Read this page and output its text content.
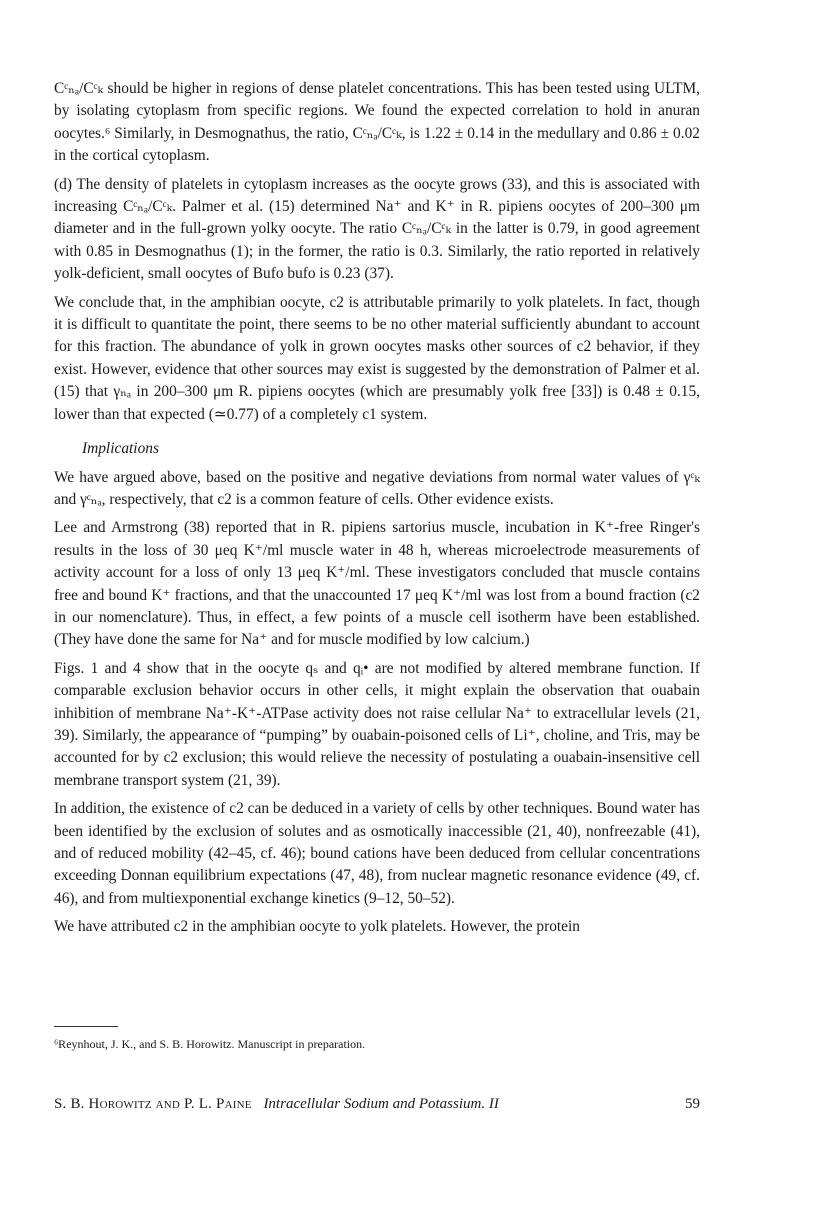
Cᶜₙₐ/Cᶜₖ should be higher in regions of dense platelet concentrations. This has been tested using ULTM, by isolating cytoplasm from specific regions. We found the expected correlation to hold in anuran oocytes.⁶ Similarly, in Desmognathus, the ratio, Cᶜₙₐ/Cᶜₖ, is 1.22 ± 0.14 in the medullary and 0.86 ± 0.02 in the cortical cytoplasm.

(d) The density of platelets in cytoplasm increases as the oocyte grows (33), and this is associated with increasing Cᶜₙₐ/Cᶜₖ. Palmer et al. (15) determined Na⁺ and K⁺ in R. pipiens oocytes of 200–300 μm diameter and in the full-grown yolky oocyte. The ratio Cᶜₙₐ/Cᶜₖ in the latter is 0.79, in good agreement with 0.85 in Desmognathus (1); in the former, the ratio is 0.3. Similarly, the ratio reported in relatively yolk-deficient, small oocytes of Bufo bufo is 0.23 (37).

We conclude that, in the amphibian oocyte, c2 is attributable primarily to yolk platelets. In fact, though it is difficult to quantitate the point, there seems to be no other material sufficiently abundant to account for this fraction. The abundance of yolk in grown oocytes masks other sources of c2 behavior, if they exist. However, evidence that other sources may exist is suggested by the demonstration of Palmer et al. (15) that γₙₐ in 200–300 μm R. pipiens oocytes (which are presumably yolk free [33]) is 0.48 ± 0.15, lower than that expected (≃0.77) of a completely c1 system.

Implications

We have argued above, based on the positive and negative deviations from normal water values of γᶜₖ and γᶜₙₐ, respectively, that c2 is a common feature of cells. Other evidence exists.

Lee and Armstrong (38) reported that in R. pipiens sartorius muscle, incubation in K⁺-free Ringer's results in the loss of 30 μeq K⁺/ml muscle water in 48 h, whereas microelectrode measurements of activity account for a loss of only 13 μeq K⁺/ml. These investigators concluded that muscle contains free and bound K⁺ fractions, and that the unaccounted 17 μeq K⁺/ml was lost from a bound fraction (c2 in our nomenclature). Thus, in effect, a few points of a muscle cell isotherm have been established. (They have done the same for Na⁺ and for muscle modified by low calcium.)

Figs. 1 and 4 show that in the oocyte qₛ and qᵢ• are not modified by altered membrane function. If comparable exclusion behavior occurs in other cells, it might explain the observation that ouabain inhibition of membrane Na⁺-K⁺-ATPase activity does not raise cellular Na⁺ to extracellular levels (21, 39). Similarly, the appearance of “pumping” by ouabain-poisoned cells of Li⁺, choline, and Tris, may be accounted for by c2 exclusion; this would relieve the necessity of postulating a ouabain-insensitive cell membrane transport system (21, 39).

In addition, the existence of c2 can be deduced in a variety of cells by other techniques. Bound water has been identified by the exclusion of solutes and as osmotically inaccessible (21, 40), nonfreezable (41), and of reduced mobility (42–45, cf. 46); bound cations have been deduced from cellular concentrations exceeding Donnan equilibrium expectations (47, 48), from nuclear magnetic resonance evidence (49, cf. 46), and from multiexponential exchange kinetics (9–12, 50–52).

We have attributed c2 in the amphibian oocyte to yolk platelets. However, the protein

⁶Reynhout, J. K., and S. B. Horowitz. Manuscript in preparation.
S. B. Horowitz and P. L. Paine Intracellular Sodium and Potassium. II	59
